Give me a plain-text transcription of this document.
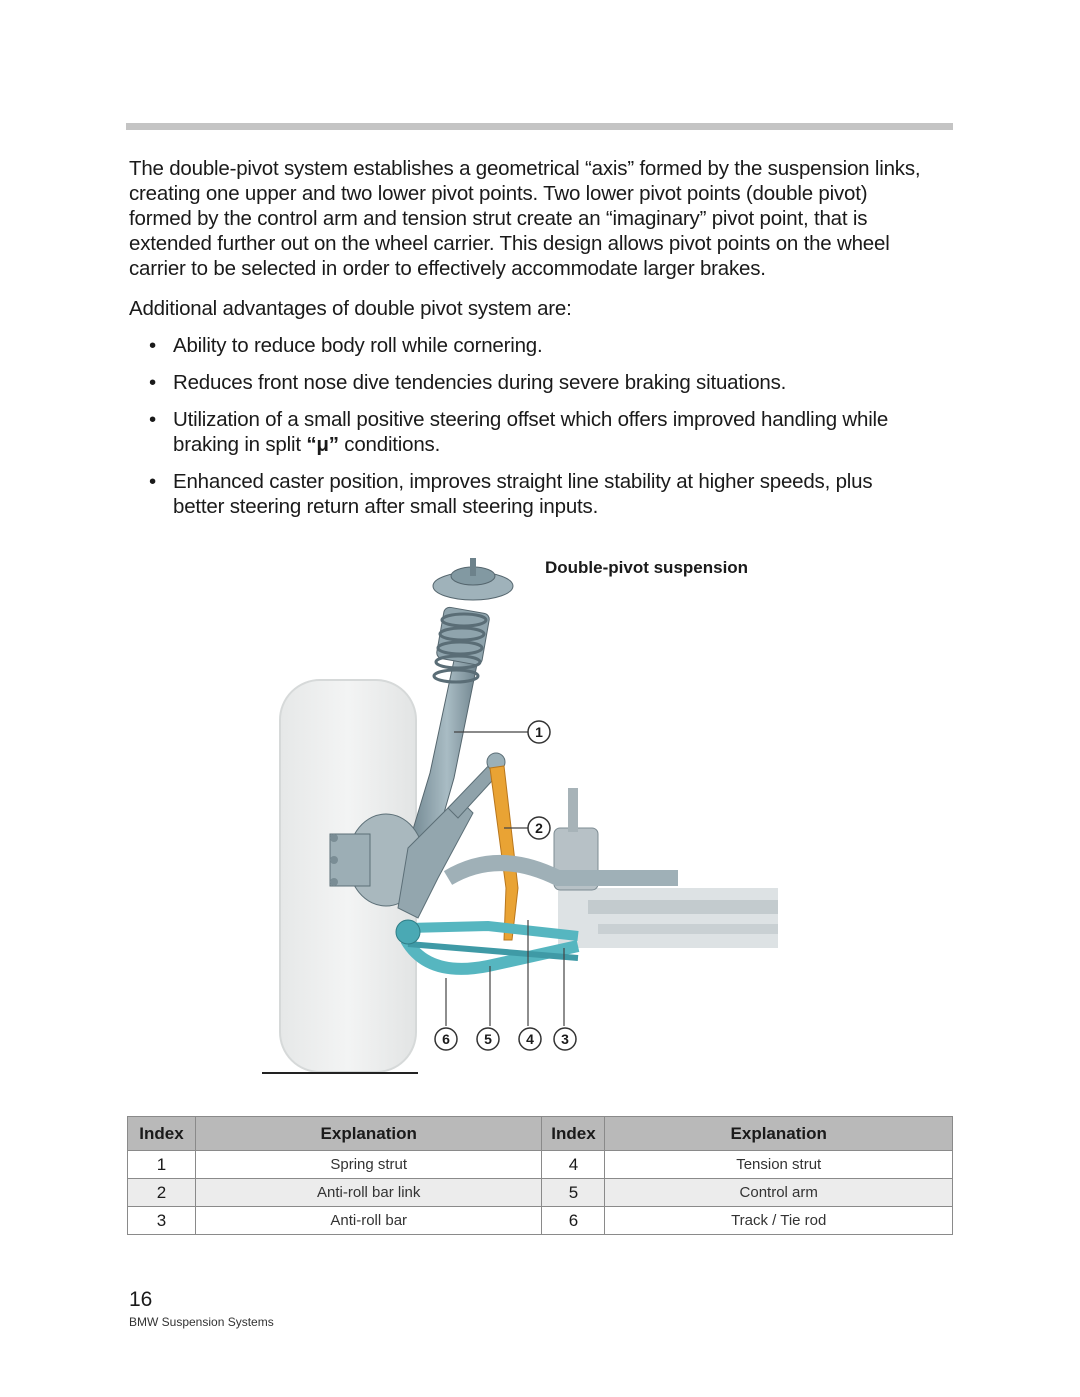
The double-pivot system establishes a geometrical “axis” formed by the suspension links, creating one upper and two lower pivot points. Two lower pivot points (double pivot) formed by the control arm and tension strut create an “imaginary” pivot point, that is extended further out on the wheel carrier. This design allows pivot points on the wheel carrier to be selected in order to effectively accommodate larger brakes.

Additional advantages of double pivot system are:

• Ability to reduce body roll while cornering.
• Reduces front nose dive tendencies during severe braking situations.
• Utilization of a small positive steering offset which offers improved handling while braking in split “μ” conditions.
• Enhanced caster position, improves straight line stability at higher speeds, plus better steering return after small steering inputs.
1
2
6 5 4 3

Double-pivot suspension

Index	Explanation	Index	Explanation
1	Spring strut	4	Tension strut
2	Anti-roll bar link	5	Control arm
3	Anti-roll bar	6	Track / Tie rod

16

BMW Suspension Systems
